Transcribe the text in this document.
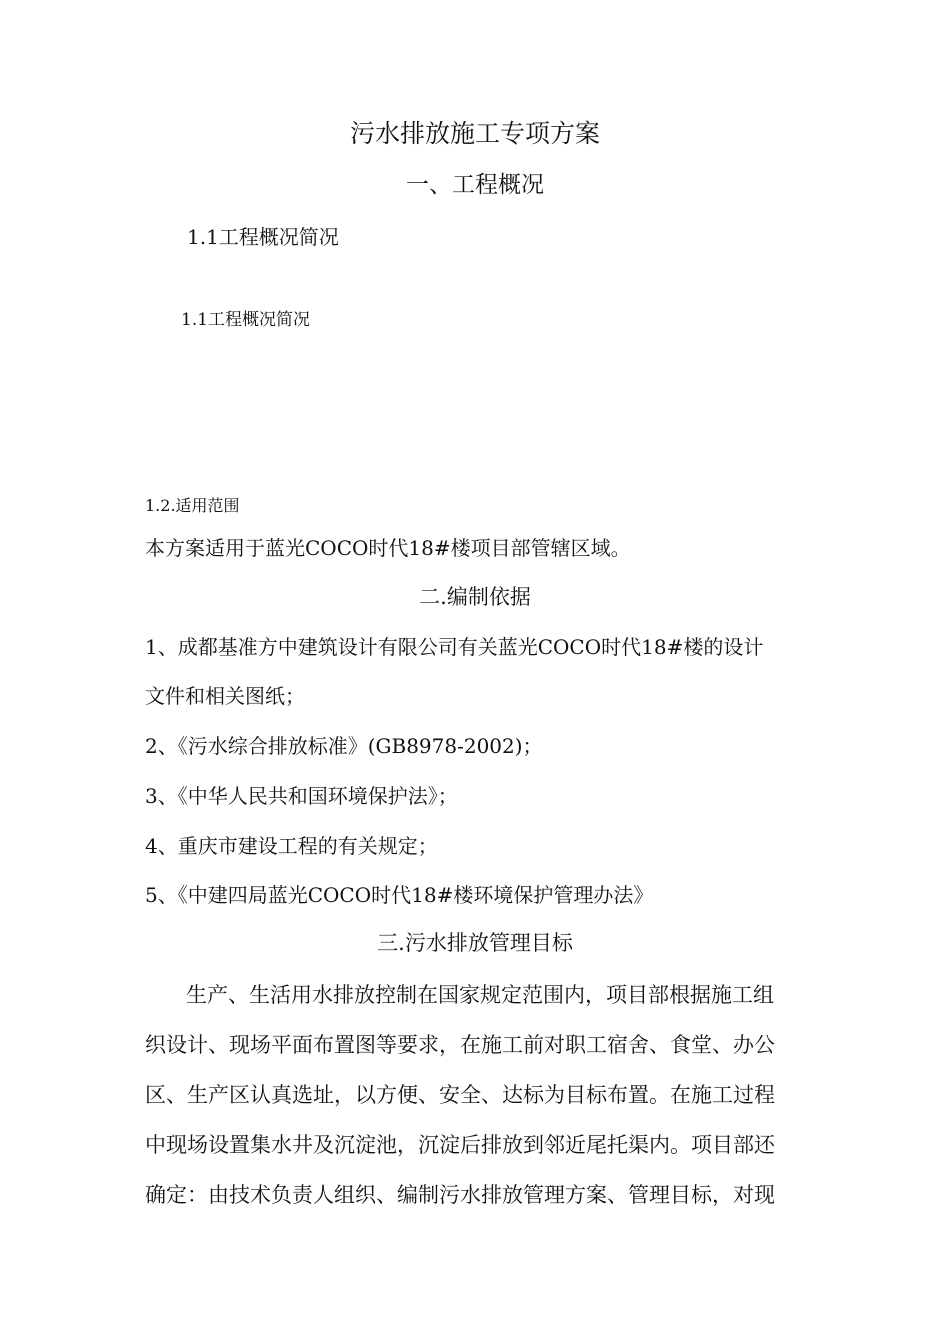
污水排放施工专项方案
一、工程概况
1.1工程概况简况
1.1工程概况简况
1.2.适用范围
本方案适用于蓝光COCO时代18#楼项目部管辖区域。
二.编制依据
1、成都基准方中建筑设计有限公司有关蓝光COCO时代18#楼的设计
文件和相关图纸；
2、《污水综合排放标准》(GB8978-2002)；
3、《中华人民共和国环境保护法》；
4、重庆市建设工程的有关规定；
5、《中建四局蓝光COCO时代18#楼环境保护管理办法》
三.污水排放管理目标
生产、生活用水排放控制在国家规定范围内，项目部根据施工组
织设计、现场平面布置图等要求，在施工前对职工宿舍、食堂、办公
区、生产区认真选址，以方便、安全、达标为目标布置。在施工过程
中现场设置集水井及沉淀池，沉淀后排放到邻近尾托渠内。项目部还
确定：由技术负责人组织、编制污水排放管理方案、管理目标，对现
